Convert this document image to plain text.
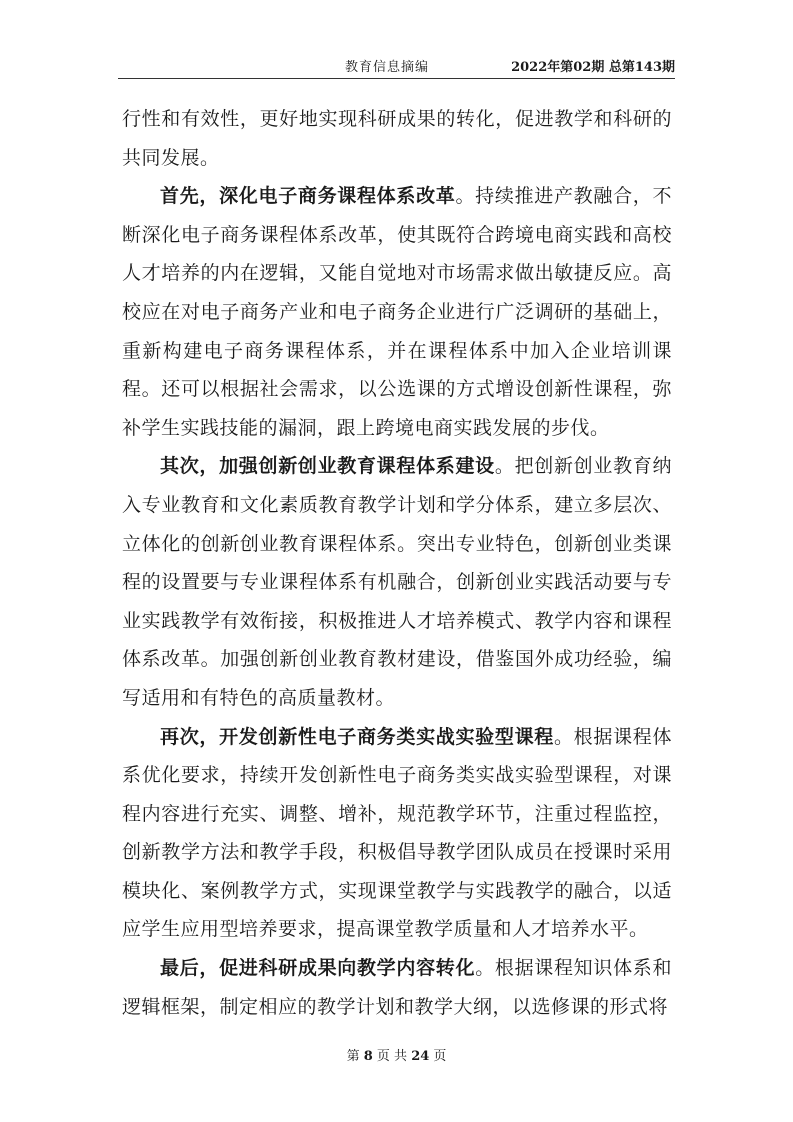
教育信息摘编	2022年第02期 总第143期

行性和有效性，更好地实现科研成果的转化，促进教学和科研的共同发展。

首先，深化电子商务课程体系改革。持续推进产教融合，不断深化电子商务课程体系改革，使其既符合跨境电商实践和高校人才培养的内在逻辑，又能自觉地对市场需求做出敏捷反应。高校应在对电子商务产业和电子商务企业进行广泛调研的基础上，重新构建电子商务课程体系，并在课程体系中加入企业培训课程。还可以根据社会需求，以公选课的方式增设创新性课程，弥补学生实践技能的漏洞，跟上跨境电商实践发展的步伐。

其次，加强创新创业教育课程体系建设。把创新创业教育纳入专业教育和文化素质教育教学计划和学分体系，建立多层次、立体化的创新创业教育课程体系。突出专业特色，创新创业类课程的设置要与专业课程体系有机融合，创新创业实践活动要与专业实践教学有效衔接，积极推进人才培养模式、教学内容和课程体系改革。加强创新创业教育教材建设，借鉴国外成功经验，编写适用和有特色的高质量教材。

再次，开发创新性电子商务类实战实验型课程。根据课程体系优化要求，持续开发创新性电子商务类实战实验型课程，对课程内容进行充实、调整、增补，规范教学环节，注重过程监控，创新教学方法和教学手段，积极倡导教学团队成员在授课时采用模块化、案例教学方式，实现课堂教学与实践教学的融合，以适应学生应用型培养要求，提高课堂教学质量和人才培养水平。

最后，促进科研成果向教学内容转化。根据课程知识体系和逻辑框架，制定相应的教学计划和教学大纲，以选修课的形式将

第 8 页 共 24 页
